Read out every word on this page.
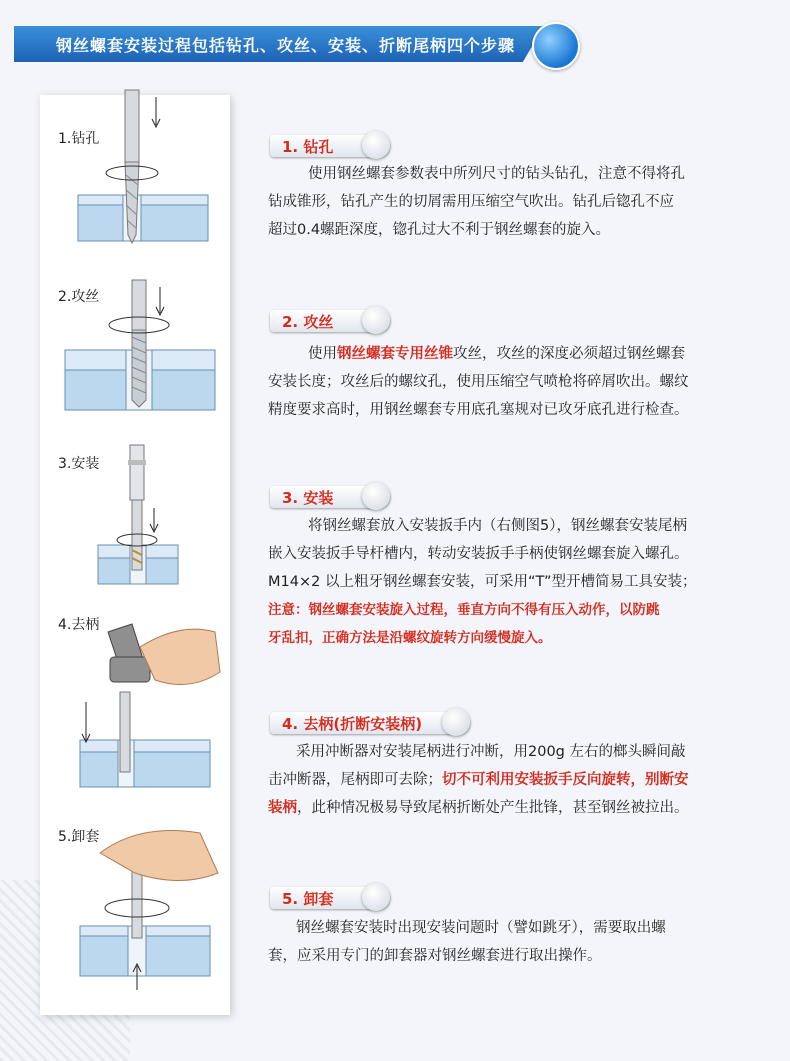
钢丝螺套安装过程包括钻孔、攻丝、安装、折断尾柄四个步骤
1.钻孔
2.攻丝
3.安装
4.去柄
5.卸套
1. 钻孔
使用钢丝螺套参数表中所列尺寸的钻头钻孔，注意不得将孔
钻成锥形，钻孔产生的切屑需用压缩空气吹出。钻孔后锪孔不应
超过0.4螺距深度，锪孔过大不利于钢丝螺套的旋入。
2. 攻丝
使用钢丝螺套专用丝锥攻丝，攻丝的深度必须超过钢丝螺套
安装长度；攻丝后的螺纹孔，使用压缩空气喷枪将碎屑吹出。螺纹
精度要求高时，用钢丝螺套专用底孔塞规对已攻牙底孔进行检查。
3. 安装
将钢丝螺套放入安装扳手内（右侧图5），钢丝螺套安装尾柄
嵌入安装扳手导杆槽内，转动安装扳手手柄使钢丝螺套旋入螺孔。
M14×2 以上粗牙钢丝螺套安装，可采用“T”型开槽简易工具安装；
注意：钢丝螺套安装旋入过程，垂直方向不得有压入动作，以防跳
牙乱扣，正确方法是沿螺纹旋转方向缓慢旋入。
4. 去柄(折断安装柄)
采用冲断器对安装尾柄进行冲断，用200g 左右的榔头瞬间敲
击冲断器，尾柄即可去除；切不可利用安装扳手反向旋转，别断安
装柄，此种情况极易导致尾柄折断处产生批锋，甚至钢丝被拉出。
5. 卸套
钢丝螺套安装时出现安装问题时（譬如跳牙），需要取出螺
套，应采用专门的卸套器对钢丝螺套进行取出操作。
